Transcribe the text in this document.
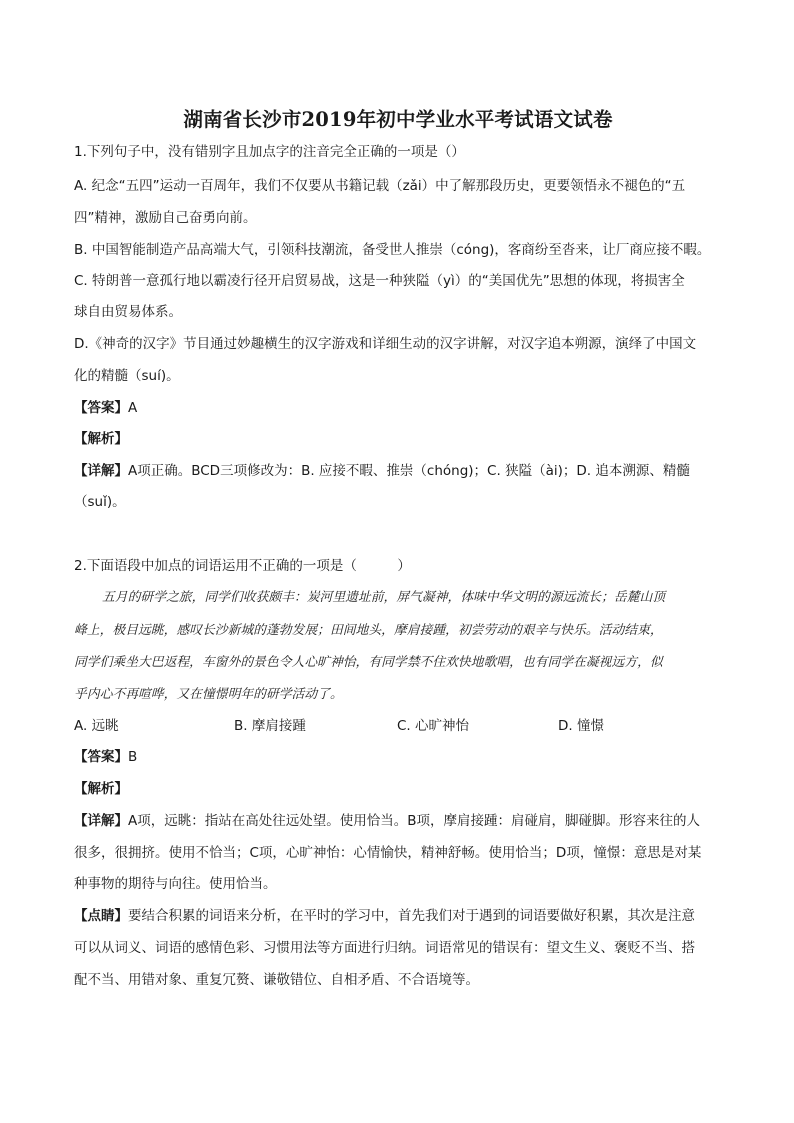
湖南省长沙市2019年初中学业水平考试语文试卷
1.下列句子中，没有错别字且加点字的注音完全正确的一项是（）
A. 纪念“五四”运动一百周年，我们不仅要从书籍记载（zǎi）中了解那段历史，更要领悟永不褪色的“五
四”精神，激励自己奋勇向前。
B. 中国智能制造产品高端大气，引领科技潮流，备受世人推崇（cóng)，客商纷至沓来，让厂商应接不暇。
C. 特朗普一意孤行地以霸凌行径开启贸易战，这是一种狭隘（yì）的“美国优先”思想的体现，将损害全
球自由贸易体系。
D.《神奇的汉字》节目通过妙趣横生的汉字游戏和详细生动的汉字讲解，对汉字追本朔源，演绎了中国文
化的精髓（suí)。
【答案】A
【解析】
【详解】A项正确。BCD三项修改为：B. 应接不暇、推崇（chóng)；C. 狭隘（ài)；D. 追本溯源、精髓
（suǐ)。
2.下面语段中加点的词语运用不正确的一项是（　　　）
五月的研学之旅，同学们收获颇丰：炭河里遗址前，屏气凝神，体味中华文明的源远流长；岳麓山顶
峰上，极目远眺，感叹长沙新城的蓬勃发展；田间地头，摩肩接踵，初尝劳动的艰辛与快乐。活动结束，
同学们乘坐大巴返程，车窗外的景色令人心旷神怡，有同学禁不住欢快地歌唱，也有同学在凝视远方，似
乎内心不再喧哗，又在憧憬明年的研学活动了。
A. 远眺	B. 摩肩接踵	C. 心旷神怡	D. 憧憬
【答案】B
【解析】
【详解】A项，远眺：指站在高处往远处望。使用恰当。B项，摩肩接踵：肩碰肩，脚碰脚。形容来往的人
很多，很拥挤。使用不恰当；C项，心旷神怡：心情愉快，精神舒畅。使用恰当；D项，憧憬：意思是对某
种事物的期待与向往。使用恰当。
【点睛】要结合积累的词语来分析，在平时的学习中，首先我们对于遇到的词语要做好积累，其次是注意
可以从词义、词语的感情色彩、习惯用法等方面进行归纳。词语常见的错误有：望文生义、褒贬不当、搭
配不当、用错对象、重复冗赘、谦敬错位、自相矛盾、不合语境等。
